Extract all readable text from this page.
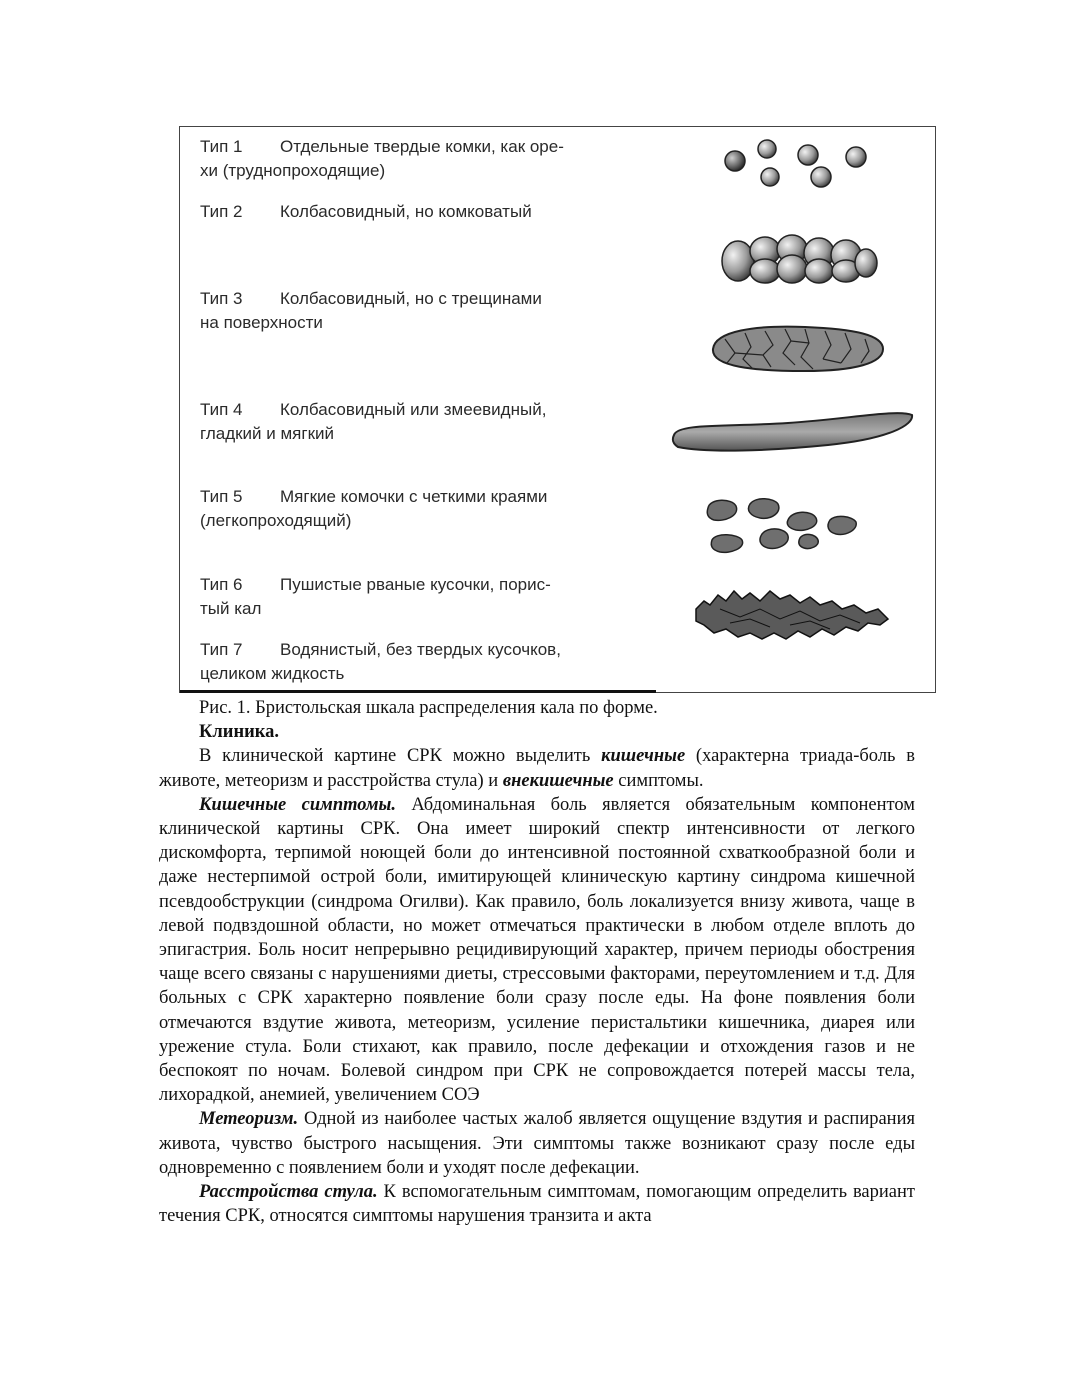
Тип 1 Отдельные твердые комки, как оре-
хи (труднопроходящие)
Тип 2 Колбасовидный, но комковатый
Тип 3 Колбасовидный, но с трещинами
на поверхности
Тип 4 Колбасовидный или змеевидный,
гладкий и мягкий
Тип 5 Мягкие комочки с четкими краями
(легкопроходящий)
Тип 6 Пушистые рваные кусочки, порис-
тый кал
Тип 7 Водянистый, без твердых кусочков,
целиком жидкость

Рис. 1. Бристольская шкала распределения кала по форме.

Клиника.

В клинической картине СРК можно выделить кишечные (характерна триада-боль в животе, метеоризм и расстройства стула) и внекишечные симптомы.

Кишечные симптомы. Абдоминальная боль является обязательным компонентом клинической картины СРК. Она имеет широкий спектр интенсивности от легкого дискомфорта, терпимой ноющей боли до интенсивной постоянной схваткообразной боли и даже нестерпимой острой боли, имитирующей клиническую картину синдрома кишечной псевдообструкции (синдрома Огилви). Как правило, боль локализуется внизу живота, чаще в левой подвздошной области, но может отмечаться практически в любом отделе вплоть до эпигастрия. Боль носит непрерывно рецидивирующий характер, причем периоды обострения чаще всего связаны с нарушениями диеты, стрессовыми факторами, переутомлением и т.д. Для больных с СРК характерно появление боли сразу после еды. На фоне появления боли отмечаются вздутие живота, метеоризм, усиление перистальтики кишечника, диарея или урежение стула. Боли стихают, как правило, после дефекации и отхождения газов и не беспокоят по ночам. Болевой синдром при СРК не сопровождается потерей массы тела, лихорадкой, анемией, увеличением СОЭ

Метеоризм. Одной из наиболее частых жалоб является ощущение вздутия и распирания живота, чувство быстрого насыщения. Эти симптомы также возникают сразу после еды одновременно с появлением боли и уходят после дефекации.

Расстройства стула. К вспомогательным симптомам, помогающим определить вариант течения СРК, относятся симптомы нарушения транзита и акта
